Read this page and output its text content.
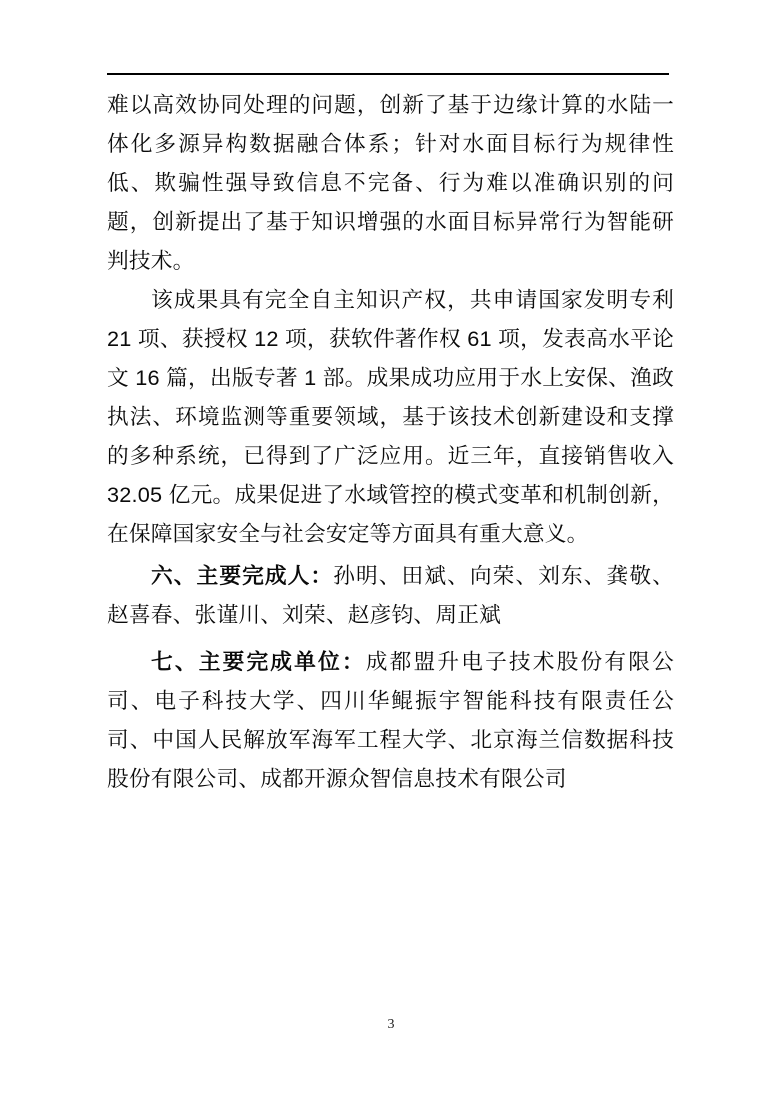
难以高效协同处理的问题，创新了基于边缘计算的水陆一体化多源异构数据融合体系；针对水面目标行为规律性低、欺骗性强导致信息不完备、行为难以准确识别的问题，创新提出了基于知识增强的水面目标异常行为智能研判技术。

该成果具有完全自主知识产权，共申请国家发明专利 21 项、获授权 12 项，获软件著作权 61 项，发表高水平论文 16 篇，出版专著 1 部。成果成功应用于水上安保、渔政执法、环境监测等重要领域，基于该技术创新建设和支撑的多种系统，已得到了广泛应用。近三年，直接销售收入 32.05 亿元。成果促进了水域管控的模式变革和机制创新，在保障国家安全与社会安定等方面具有重大意义。

六、主要完成人：孙明、田斌、向荣、刘东、龚敬、赵喜春、张谨川、刘荣、赵彦钧、周正斌

七、主要完成单位：成都盟升电子技术股份有限公司、电子科技大学、四川华鲲振宇智能科技有限责任公司、中国人民解放军海军工程大学、北京海兰信数据科技股份有限公司、成都开源众智信息技术有限公司

3
